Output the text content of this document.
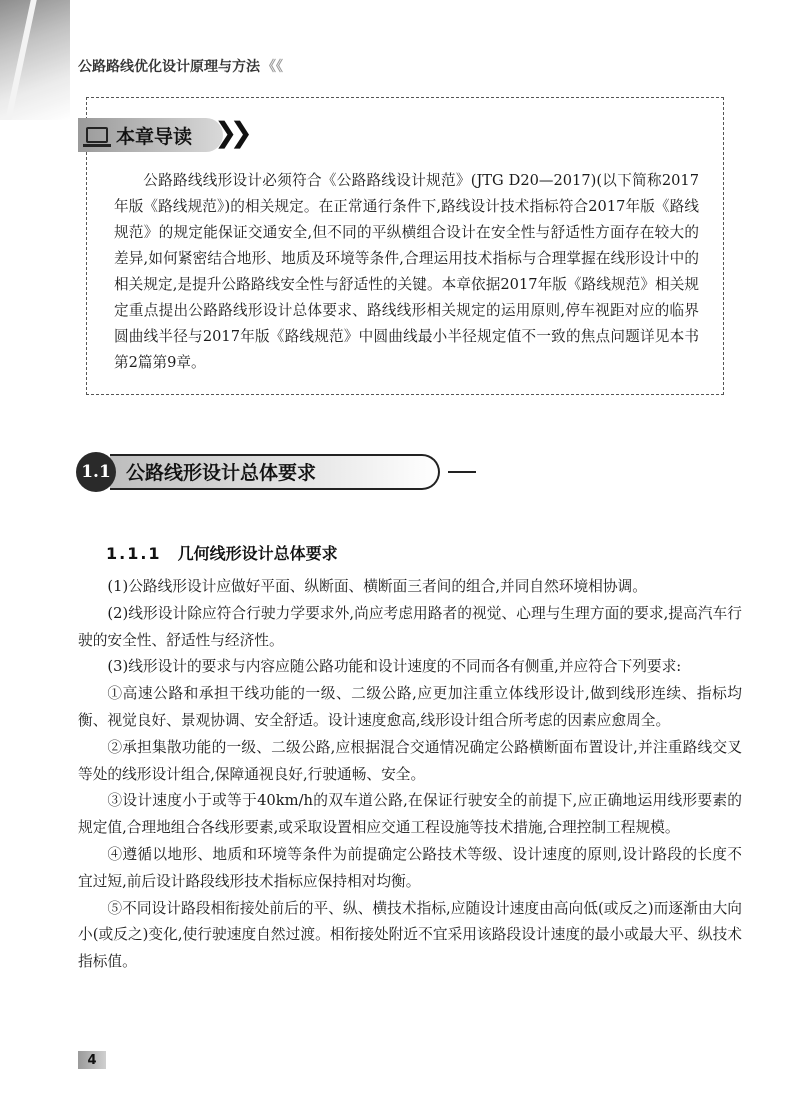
公路路线优化设计原理与方法 《《
本章导读 ❯❯

公路路线线形设计必须符合《公路路线设计规范》(JTG D20—2017)(以下简称2017年版《路线规范》)的相关规定。在正常通行条件下,路线设计技术指标符合2017年版《路线规范》的规定能保证交通安全,但不同的平纵横组合设计在安全性与舒适性方面存在较大的差异,如何紧密结合地形、地质及环境等条件,合理运用技术指标与合理掌握在线形设计中的相关规定,是提升公路路线安全性与舒适性的关键。本章依据2017年版《路线规范》相关规定重点提出公路路线形设计总体要求、路线线形相关规定的运用原则,停车视距对应的临界圆曲线半径与2017年版《路线规范》中圆曲线最小半径规定值不一致的焦点问题详见本书第2篇第9章。

1.1 公路线形设计总体要求
1.1.1 几何线形设计总体要求

(1)公路线形设计应做好平面、纵断面、横断面三者间的组合,并同自然环境相协调。

(2)线形设计除应符合行驶力学要求外,尚应考虑用路者的视觉、心理与生理方面的要求,提高汽车行驶的安全性、舒适性与经济性。

(3)线形设计的要求与内容应随公路功能和设计速度的不同而各有侧重,并应符合下列要求:

①高速公路和承担干线功能的一级、二级公路,应更加注重立体线形设计,做到线形连续、指标均衡、视觉良好、景观协调、安全舒适。设计速度愈高,线形设计组合所考虑的因素应愈周全。

②承担集散功能的一级、二级公路,应根据混合交通情况确定公路横断面布置设计,并注重路线交叉等处的线形设计组合,保障通视良好,行驶通畅、安全。

③设计速度小于或等于40km/h的双车道公路,在保证行驶安全的前提下,应正确地运用线形要素的规定值,合理地组合各线形要素,或采取设置相应交通工程设施等技术措施,合理控制工程规模。

④遵循以地形、地质和环境等条件为前提确定公路技术等级、设计速度的原则,设计路段的长度不宜过短,前后设计路段线形技术指标应保持相对均衡。

⑤不同设计路段相衔接处前后的平、纵、横技术指标,应随设计速度由高向低(或反之)而逐渐由大向小(或反之)变化,使行驶速度自然过渡。相衔接处附近不宜采用该路段设计速度的最小或最大平、纵技术指标值。

4
